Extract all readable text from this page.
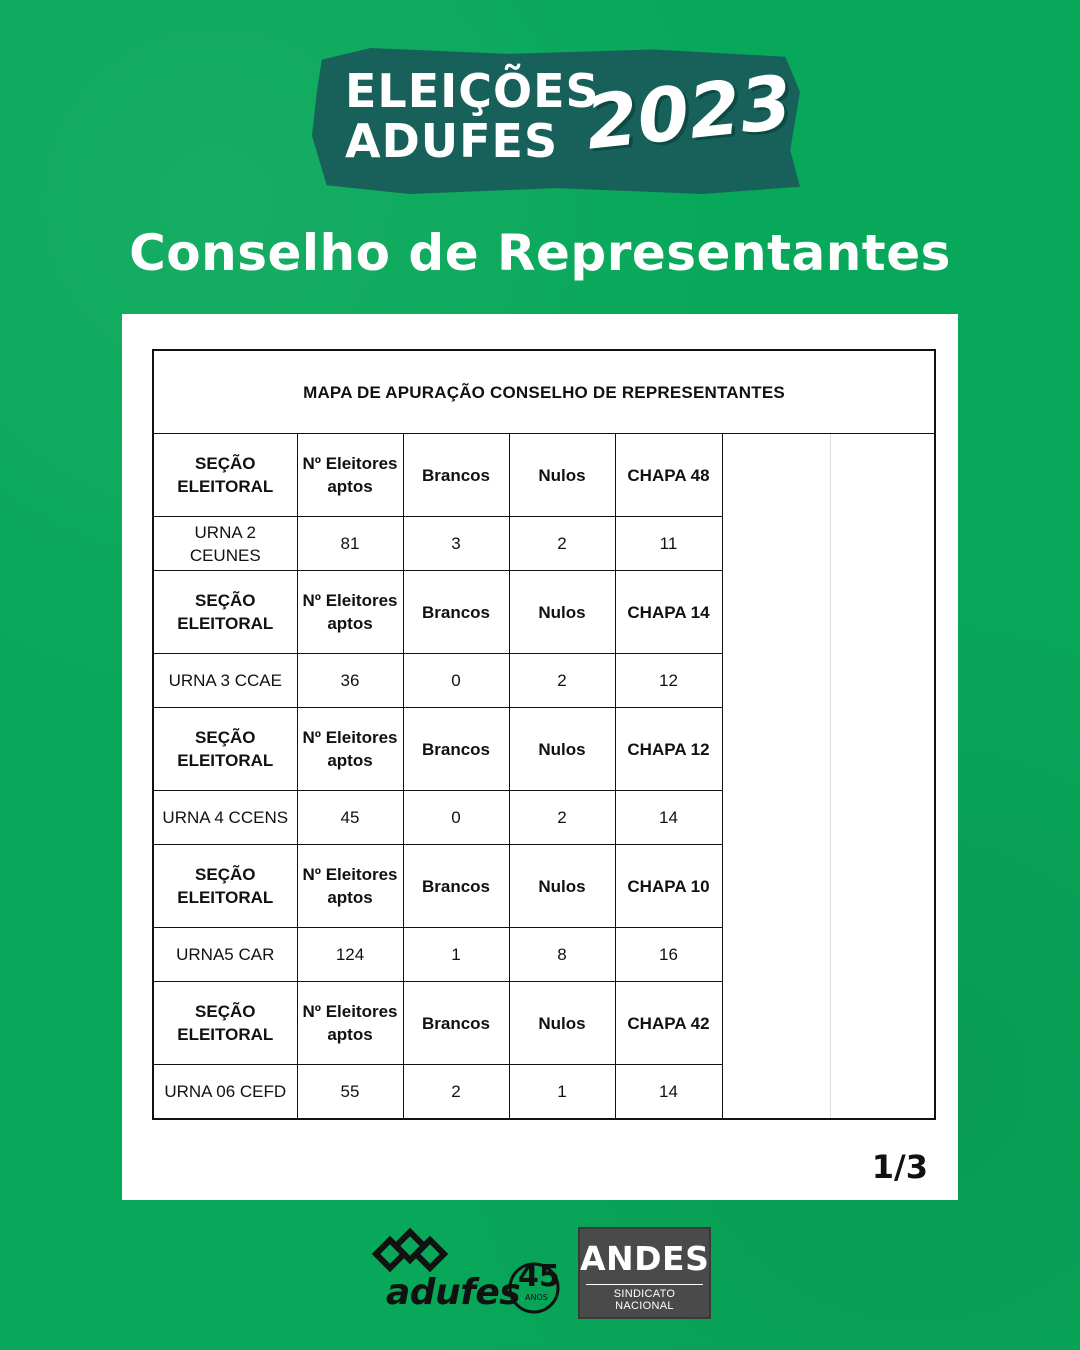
ELEIÇÕES
ADUFES 2023
Conselho de Representantes
MAPA DE APURAÇÃO CONSELHO DE REPRESENTANTES						
SEÇÃO ELEITORAL	Nº Eleitores aptos	Brancos	Nulos	CHAPA 48		
URNA 2 CEUNES	81	3	2	11		
SEÇÃO ELEITORAL	Nº Eleitores aptos	Brancos	Nulos	CHAPA 14		
URNA 3 CCAE	36	0	2	12		
SEÇÃO ELEITORAL	Nº Eleitores aptos	Brancos	Nulos	CHAPA 12		
URNA 4 CCENS	45	0	2	14		
SEÇÃO ELEITORAL	Nº Eleitores aptos	Brancos	Nulos	CHAPA 10		
URNA5 CAR	124	1	8	16		
SEÇÃO ELEITORAL	Nº Eleitores aptos	Brancos	Nulos	CHAPA 42		
URNA 06 CEFD	55	2	1	14		
1/3
adufes
45
ANOS
ANDES
SINDICATO NACIONAL
